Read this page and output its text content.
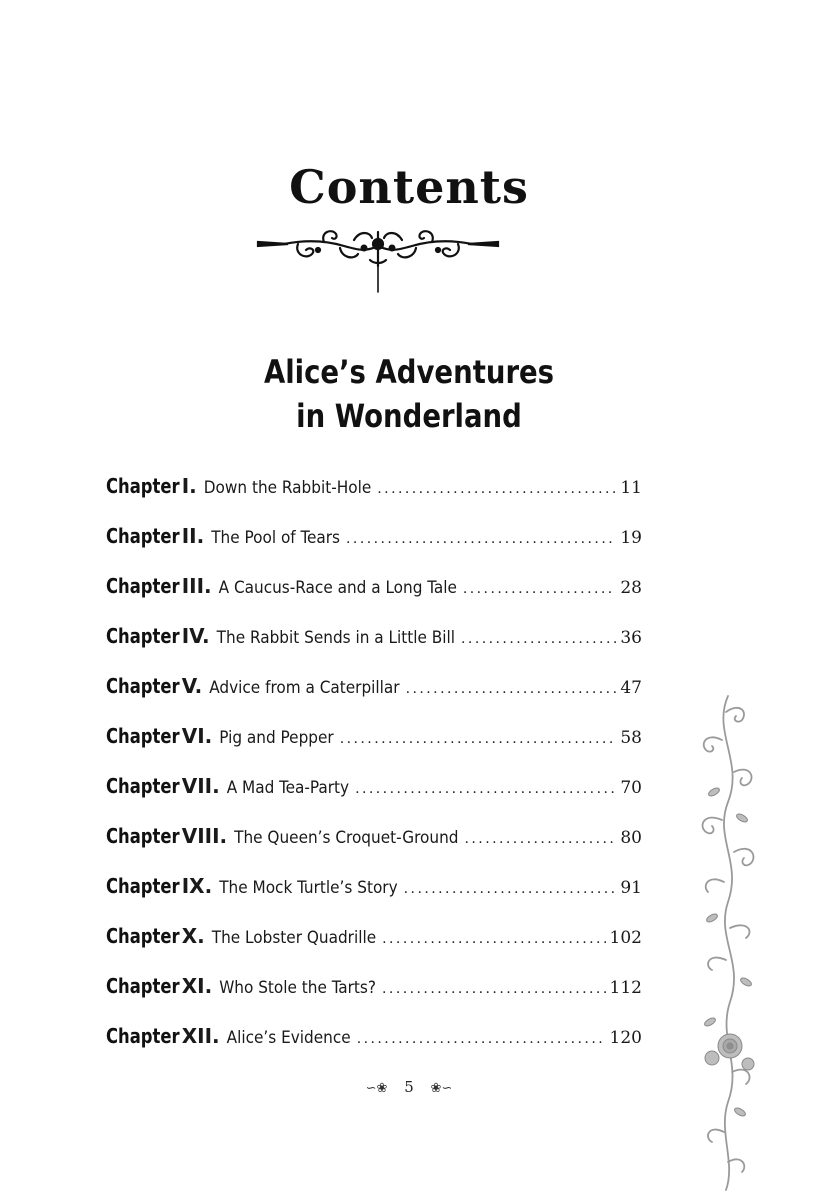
Contents
Alice’s Adventures
in Wonderland
Chapter I. Down the Rabbit-Hole . . .	11
Chapter II. The Pool of Tears . . .	19
Chapter III. A Caucus-Race and a Long Tale . . .	28
Chapter IV. The Rabbit Sends in a Little Bill . . .	36
Chapter V. Advice from a Caterpillar . . .	47
Chapter VI. Pig and Pepper . . .	58
Chapter VII. A Mad Tea-Party . . .	70
Chapter VIII. The Queen’s Croquet-Ground . . .	80
Chapter IX. The Mock Turtle’s Story . . .	91
Chapter X. The Lobster Quadrille . . .	102
Chapter XI. Who Stole the Tarts? . . .	112
Chapter XII. Alice’s Evidence . . .	120
∽❀ 5 ❀∽
